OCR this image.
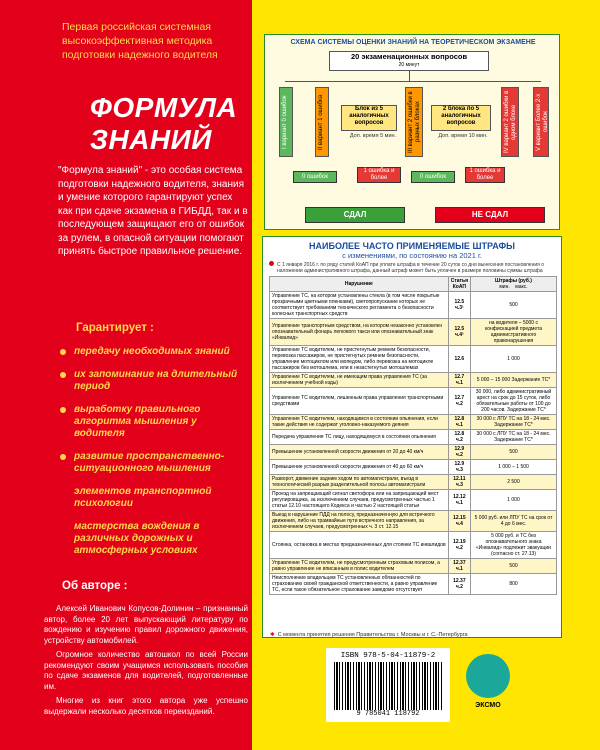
Первая российская системная высокоэффективная методика подготовки надежного водителя
ФОРМУЛА
ЗНАНИЙ
"Формула знаний" - это особая система подготовки надежного водителя, знания и умение которого гарантируют успех как при сдаче экзамена в ГИБДД, так и в последующем защищают его от ошибок за рулем, в опасной ситуации помогают принять быстрое правильное решение.
Гарантирует :
передачу необходимых знаний
их запоминание на длительный период
выработку правильного алгоритма мышления у водителя
развитие пространственно-ситуационного мышления
элементов транспортной психологии
мастерства вождения в различных дорожных и атмосферных условиях
Об авторе :

Алексей Иванович Копусов-Долинин – признанный автор, более 20 лет выпускающий литературу по вождению и изучению правил дорожного движения, устройству автомобилей.

Огромное количество автошкол по всей России рекомендуют своим учащимся использовать пособия по сдаче экзаменов для водителей, подготовленные им.

Многие из книг этого автора уже успешно выдержали несколько десятков переизданий.

СХЕМА СИСТЕМЫ ОЦЕНКИ ЗНАНИЙ НА ТЕОРЕТИЧЕСКОМ ЭКЗАМЕНЕ
20 экзаменационных вопросов
20 минут
I вариант 0 ошибок	II вариант 1 ошибка	III вариант 2 ошибки в разных блоках	IV вариант 2 ошибки в одном блоке	V вариант Более 2-х ошибок
Блок из 5 аналогичных вопросов
Доп. время 5 мин.
2 блока по 5 аналогичных вопросов
Доп. время 10 мин.
0 ошибок
1 ошибка и более	0 ошибок
1 ошибка и более
СДАЛ	НЕ СДАЛ
НАИБОЛЕЕ ЧАСТО ПРИМЕНЯЕМЫЕ ШТРАФЫ
с изменениями, по состоянию на 2021 г.
С 1 января 2016 г. по ряду статей КоАП при уплате штрафа в течение 20 суток со дня вынесения постановления о наложении административного штрафа, данный штраф может быть уплачен в размере половины суммы штрафа
Нарушение	Статья КоАП	Штрафы (руб.)
мин. макс.

Управление ТС, на котором установлены стекла (в том числе покрытые прозрачными цветными пленками), светопропускание которых не соответствует требованиям технического регламента о безопасности колесных транспортных средств	12.5 ч.3¹	500
Управление транспортным средством, на котором незаконно установлен опознавательный фонарь легкового такси или опознавательный знак «Инвалид»	12.5 ч.4²	на водителя – 5000 с конфискацией предмета административного правонарушения
Управление ТС водителем, не пристегнутым ремнем безопасности, перевозка пассажиров, не пристегнутых ремнем безопасности, управление мотоциклом или мопедом, либо перевозка на мотоцикле пассажиров без мотошлема, или в незастегнутых мотошлемах	12.6	1 000
Управление ТС водителем, не имеющим права управления ТС (за исключением учебной езды)	12.7 ч.1	5 000 – 15 000 Задержание ТС*
Управление ТС водителем, лишенным права управления транспортными средствами	12.7 ч.2	30 000, либо административный арест на срок до 15 суток, либо обязательные работы от 100 до 200 часов. Задержание ТС*
Управление ТС водителем, находящимся в состоянии опьянения, если такие действия не содержат уголовно-наказуемого деяния	12.8 ч.1	30 000 с ЛПУ ТС на 18 - 24 мес. Задержание ТС*
Передача управления ТС лицу, находящемуся в состоянии опьянения	12.8 ч.2	30 000 с ЛПУ ТС на 18 - 24 мес. Задержание ТС*
Превышение установленной скорости движения от 20 до 40 км/ч	12.9 ч.2	500
Превышение установленной скорости движения от 40 до 60 км/ч	12.9 ч.3	1 000 – 1 500
Разворот, движение задним ходом по автомагистрали, въезд в технологический разрыв разделительной полосы автомагистрали	12.11 ч.3	2 500
Проезд на запрещающий сигнал светофора или на запрещающий жест регулировщика, за исключением случаев, предусмотренных частью 1 статьи 12.10 настоящего Кодекса и частью 2 настоящей статьи	12.12 ч.1	1 000
Выезд в нарушение ПДД на полосу, предназначенную для встречного движения, либо на трамвайные пути встречного направления, за исключением случаев, предусмотренных ч. 3 ст. 12.15	12.15 ч.4	5 000 руб. или ЛПУ ТС на срок от 4 до 6 мес.
Стоянка, остановка в местах предназначенных для стоянки ТС инвалидов	12.19 ч.2	5 000 руб. и ТС без опознавательного знака «Инвалид» подлежит эвакуации (согласно ст. 27.13)
Управление ТС водителем, не предусмотренным страховым полисом, а равно управление не вписанным в полис водителем	12.37 ч.1	500
Неисполнение владельцем ТС установленных обязанностей по страхованию своей гражданской ответственности, а равно управление ТС, если такое обязательное страхование заведомо отсутствует	12.37 ч.2	800
✱ С момента принятия решения Правительства г. Москвы и г. С.-Петербурга
ISBN 978-5-04-11879-2
9 785041 118792
ЭКСМО
